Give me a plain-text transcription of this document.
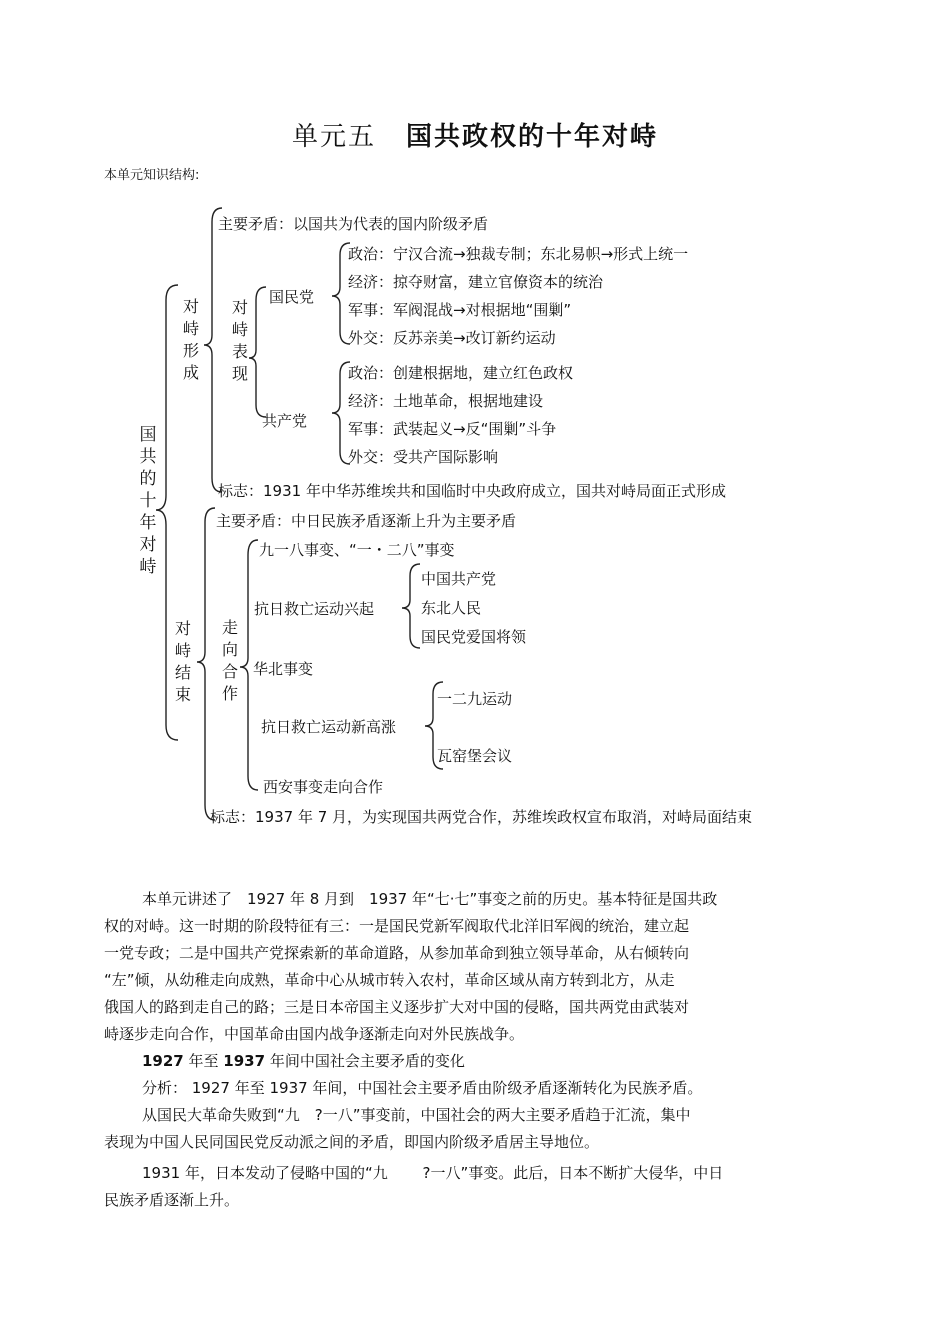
单元五 国共政权的十年对峙
本单元知识结构:
国共的十年对峙
对峙形成
主要矛盾：以国共为代表的国内阶级矛盾
对峙表现
国民党
共产党
政治：宁汉合流→独裁专制；东北易帜→形式上统一
经济：掠夺财富，建立官僚资本的统治
军事：军阀混战→对根据地“围剿”
外交：反苏亲美→改订新约运动
政治：创建根据地，建立红色政权
经济：土地革命，根据地建设
军事：武装起义→反“围剿”斗争
外交：受共产国际影响
标志：1931 年中华苏维埃共和国临时中央政府成立，国共对峙局面正式形成
对峙结束
主要矛盾：中日民族矛盾逐渐上升为主要矛盾
走向合作
九一八事变、“一・二八”事变
抗日救亡运动兴起
华北事变
抗日救亡运动新高涨
西安事变走向合作
中国共产党
东北人民
国民党爱国将领
一二九运动
瓦窑堡会议
标志：1937 年 7 月，为实现国共两党合作，苏维埃政权宣布取消，对峙局面结束

本单元讲述了　1927 年 8 月到　1937 年“七·七”事变之前的历史。基本特征是国共政

权的对峙。这一时期的阶段特征有三：一是国民党新军阀取代北洋旧军阀的统治，建立起

一党专政；二是中国共产党探索新的革命道路，从参加革命到独立领导革命，从右倾转向

“左”倾，从幼稚走向成熟，革命中心从城市转入农村，革命区域从南方转到北方，从走

俄国人的路到走自己的路；三是日本帝国主义逐步扩大对中国的侵略，国共两党由武装对

峙逐步走向合作，中国革命由国内战争逐渐走向对外民族战争。

1927 年至 1937 年间中国社会主要矛盾的变化

分析： 1927 年至 1937 年间，中国社会主要矛盾由阶级矛盾逐渐转化为民族矛盾。

从国民大革命失败到“九　?一八”事变前，中国社会的两大主要矛盾趋于汇流，集中

表现为中国人民同国民党反动派之间的矛盾，即国内阶级矛盾居主导地位。

1931 年，日本发动了侵略中国的“九　　 ?一八”事变。此后，日本不断扩大侵华，中日

民族矛盾逐渐上升。
